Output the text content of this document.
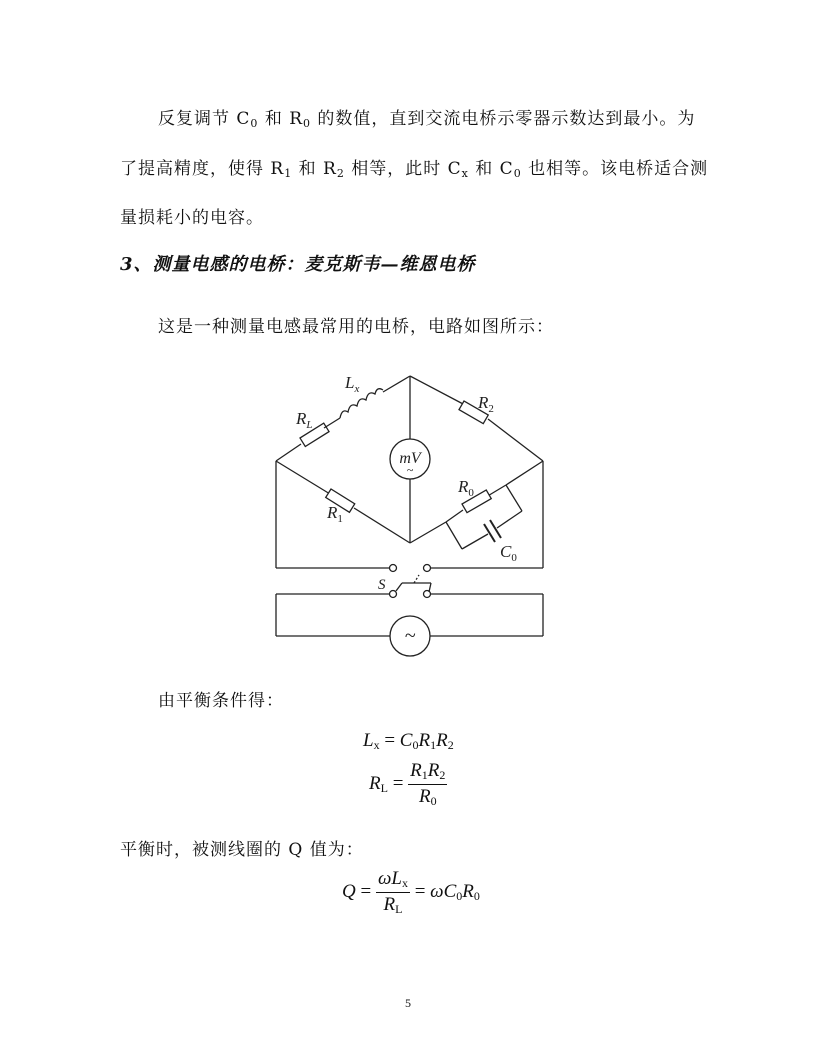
反复调节 $C_0$ 和 $R_0$ 的数值，直到交流电桥示零器示数达到最小。为
了提高精度，使得 $R_1$ 和 $R_2$ 相等，此时 $C_x$ 和 $C_0$ 也相等。该电桥适合测
量损耗小的电容。
3、测量电感的电桥：麦克斯韦—维恩电桥
这是一种测量电感最常用的电桥，电路如图所示：
$L_x$
$R_L$
$R_2$
$R_1$
$R_0$
$C_0$
mV
~
S
~
由平衡条件得：
$L_x = C_0R_1R_2$
$R_L = \frac{R_1R_2}{R_0}$
平衡时，被测线圈的 Q 值为：
$Q = \frac{\omega L_x}{R_L} = \omega C_0R_0$
5
